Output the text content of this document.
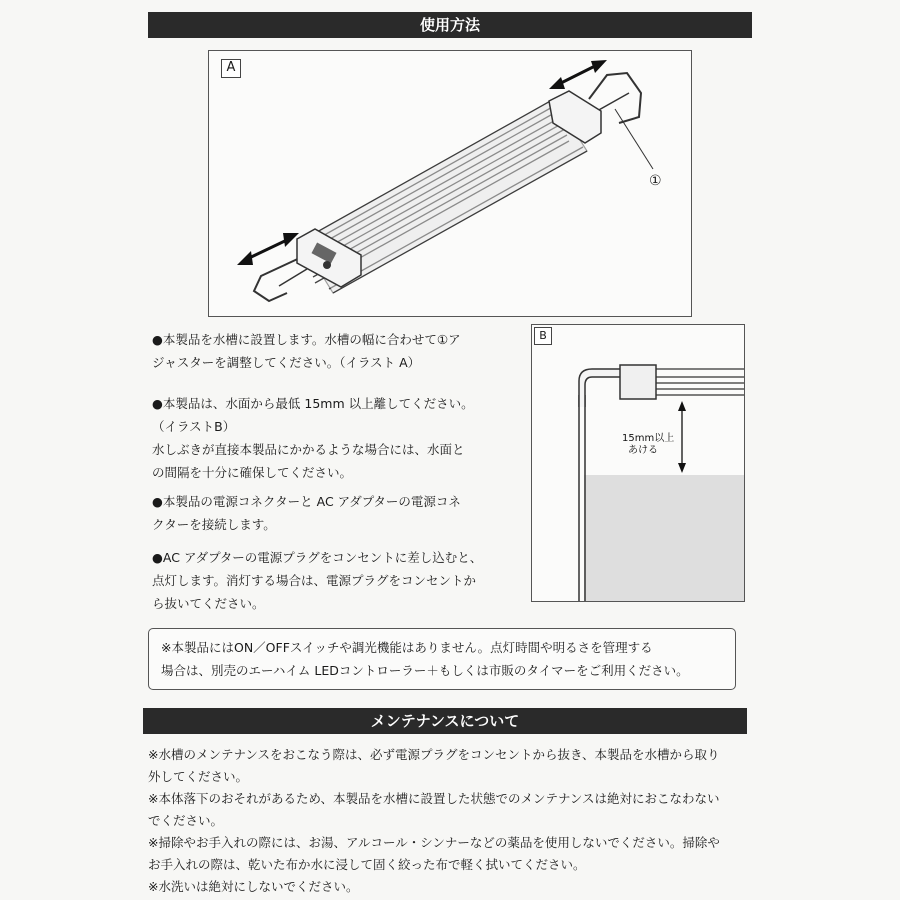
使用方法
A
①
B
15mm以上
あける

●本製品を水槽に設置します。水槽の幅に合わせて①ア
ジャスターを調整してください。（イラスト A）

●本製品は、水面から最低 15mm 以上離してください。
（イラストB）
水しぶきが直接本製品にかかるような場合には、水面と
の間隔を十分に確保してください。

●本製品の電源コネクターと AC アダプターの電源コネ
クターを接続します。

●AC アダプターの電源プラグをコンセントに差し込むと、
点灯します。消灯する場合は、電源プラグをコンセントか
ら抜いてください。

※本製品にはON／OFFスイッチや調光機能はありません。点灯時間や明るさを管理する
場合は、別売のエーハイム LEDコントローラー＋もしくは市販のタイマーをご利用ください。
メンテナンスについて

※水槽のメンテナンスをおこなう際は、必ず電源プラグをコンセントから抜き、本製品を水槽から取り
外してください。
※本体落下のおそれがあるため、本製品を水槽に設置した状態でのメンテナンスは絶対におこなわない
でください。
※掃除やお手入れの際には、お湯、アルコール・シンナーなどの薬品を使用しないでください。掃除や
お手入れの際は、乾いた布か水に浸して固く絞った布で軽く拭いてください。
※水洗いは絶対にしないでください。
